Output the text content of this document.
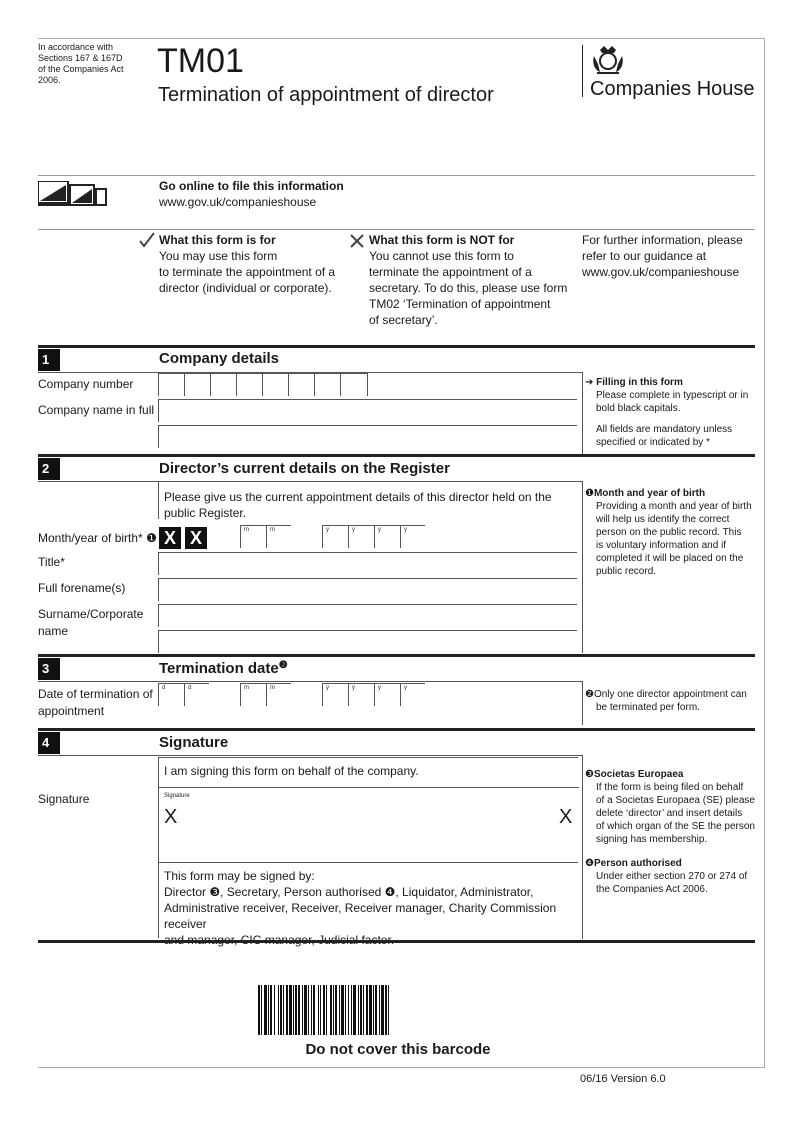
In accordance with
Sections 167 & 167D
of the Companies Act
2006.	TM01
Termination of appointment of director	Companies House
Go online to file this information
www.gov.uk/companieshouse
What this form is for
You may use this form
to terminate the appointment of a
director (individual or corporate).
What this form is NOT for
You cannot use this form to
terminate the appointment of a
secretary. To do this, please use form
TM02 ‘Termination of appointment
of secretary’.
For further information, please
refer to our guidance at
www.gov.uk/companieshouse
1	Company details
Company number
Company name in full
➔ Filling in this form
Please complete in typescript or in
bold black capitals.
All fields are mandatory unless
specified or indicated by *
2	Director’s current details on the Register
Please give us the current appointment details of this director held on the
public Register.
Month/year of birth* ❶ X X	m	m	y	y	y	y
Title*
Full forename(s)
Surname/Corporate
name
❶Month and year of birth
Providing a month and year of birth
will help us identify the correct
person on the public record. This
is voluntary information and if
completed it will be placed on the
public record.
3	Termination date$^❷$
Date of termination of
appointment
d	d	m	m	y	y	y	y
❷Only one director appointment can
be terminated per form.
4	Signature
I am signing this form on behalf of the company.
Signature	Signature
X	X
This form may be signed by:
Director ❸, Secretary, Person authorised ❹, Liquidator, Administrator,
Administrative receiver, Receiver, Receiver manager, Charity Commission receiver
❸Societas Europaea
If the form is being filed on behalf
of a Societas Europaea (SE) please
delete ‘director’ and insert details
of which organ of the SE the person
signing has membership.
❹Person authorised
Under either section 270 or 274 of
the Companies Act 2006.
Do not cover this barcode
06/16 Version 6.0
